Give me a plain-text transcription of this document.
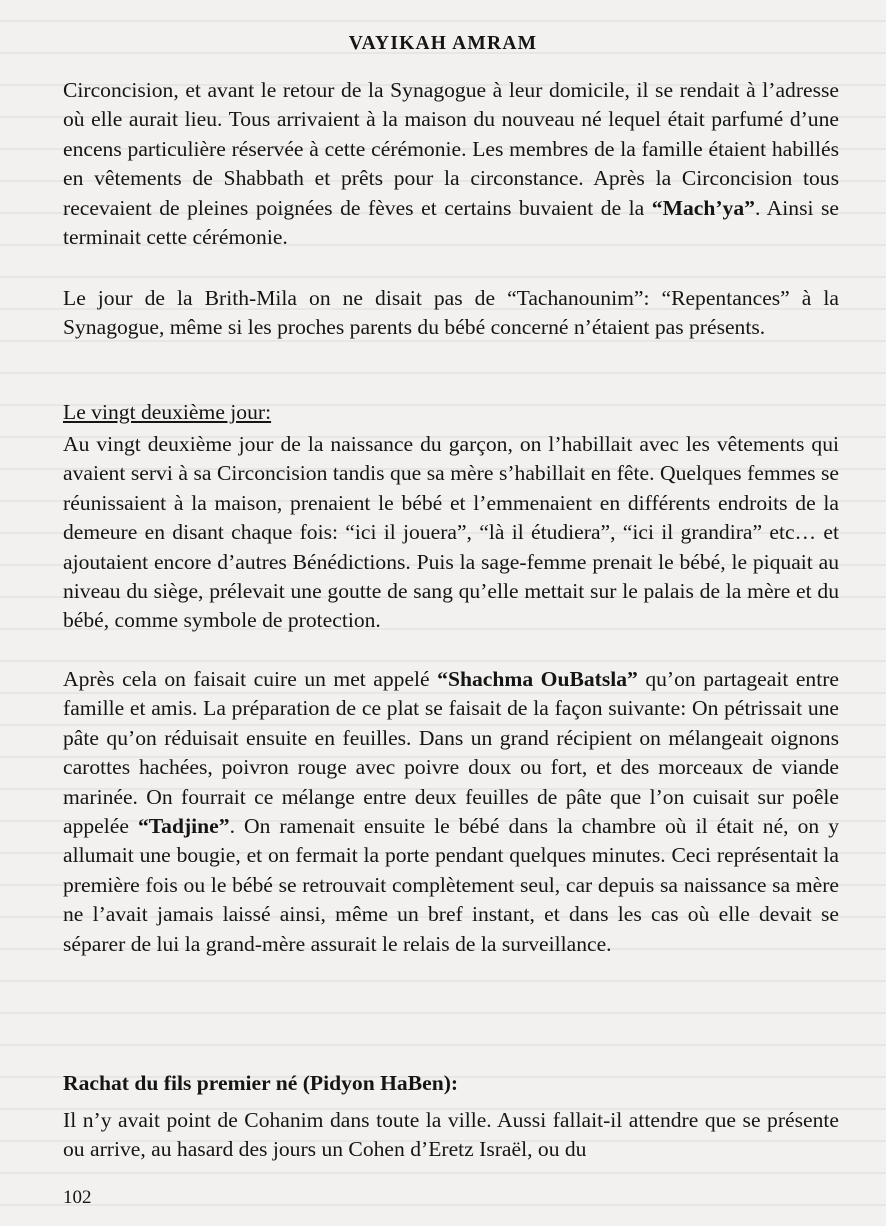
VAYIKAH AMRAM

Circoncision, et avant le retour de la Synagogue à leur domicile, il se rendait à l’adresse où elle aurait lieu. Tous arrivaient à la maison du nouveau né lequel était parfumé d’une encens particulière réservée à cette cérémonie. Les membres de la famille étaient habillés en vêtements de Shabbath et prêts pour la circonstance. Après la Circoncision tous recevaient de pleines poignées de fèves et certains buvaient de la “Mach’ya”. Ainsi se terminait cette cérémonie.

Le jour de la Brith-Mila on ne disait pas de “Tachanounim”: “Repentances” à la Synagogue, même si les proches parents du bébé concerné n’étaient pas présents.

Le vingt deuxième jour:

Au vingt deuxième jour de la naissance du garçon, on l’habillait avec les vêtements qui avaient servi à sa Circoncision tandis que sa mère s’habillait en fête. Quelques femmes se réunissaient à la maison, prenaient le bébé et l’emmenaient en différents endroits de la demeure en disant chaque fois: “ici il jouera”, “là il étudiera”, “ici il grandira” etc… et ajoutaient encore d’autres Bénédictions. Puis la sage-femme prenait le bébé, le piquait au niveau du siège, prélevait une goutte de sang qu’elle mettait sur le palais de la mère et du bébé, comme symbole de protection.

Après cela on faisait cuire un met appelé “Shachma OuBatsla” qu’on partageait entre famille et amis. La préparation de ce plat se faisait de la façon suivante: On pétrissait une pâte qu’on réduisait ensuite en feuilles. Dans un grand récipient on mélangeait oignons carottes hachées, poivron rouge avec poivre doux ou fort, et des morceaux de viande marinée. On fourrait ce mélange entre deux feuilles de pâte que l’on cuisait sur poêle appelée “Tadjine”. On ramenait ensuite le bébé dans la chambre où il était né, on y allumait une bougie, et on fermait la porte pendant quelques minutes. Ceci représentait la première fois ou le bébé se retrouvait complètement seul, car depuis sa naissance sa mère ne l’avait jamais laissé ainsi, même un bref instant, et dans les cas où elle devait se séparer de lui la grand-mère assurait le relais de la surveillance.

Rachat du fils premier né (Pidyon HaBen):

Il n’y avait point de Cohanim dans toute la ville. Aussi fallait-il attendre que se présente ou arrive, au hasard des jours un Cohen d’Eretz Israël, ou du

102
